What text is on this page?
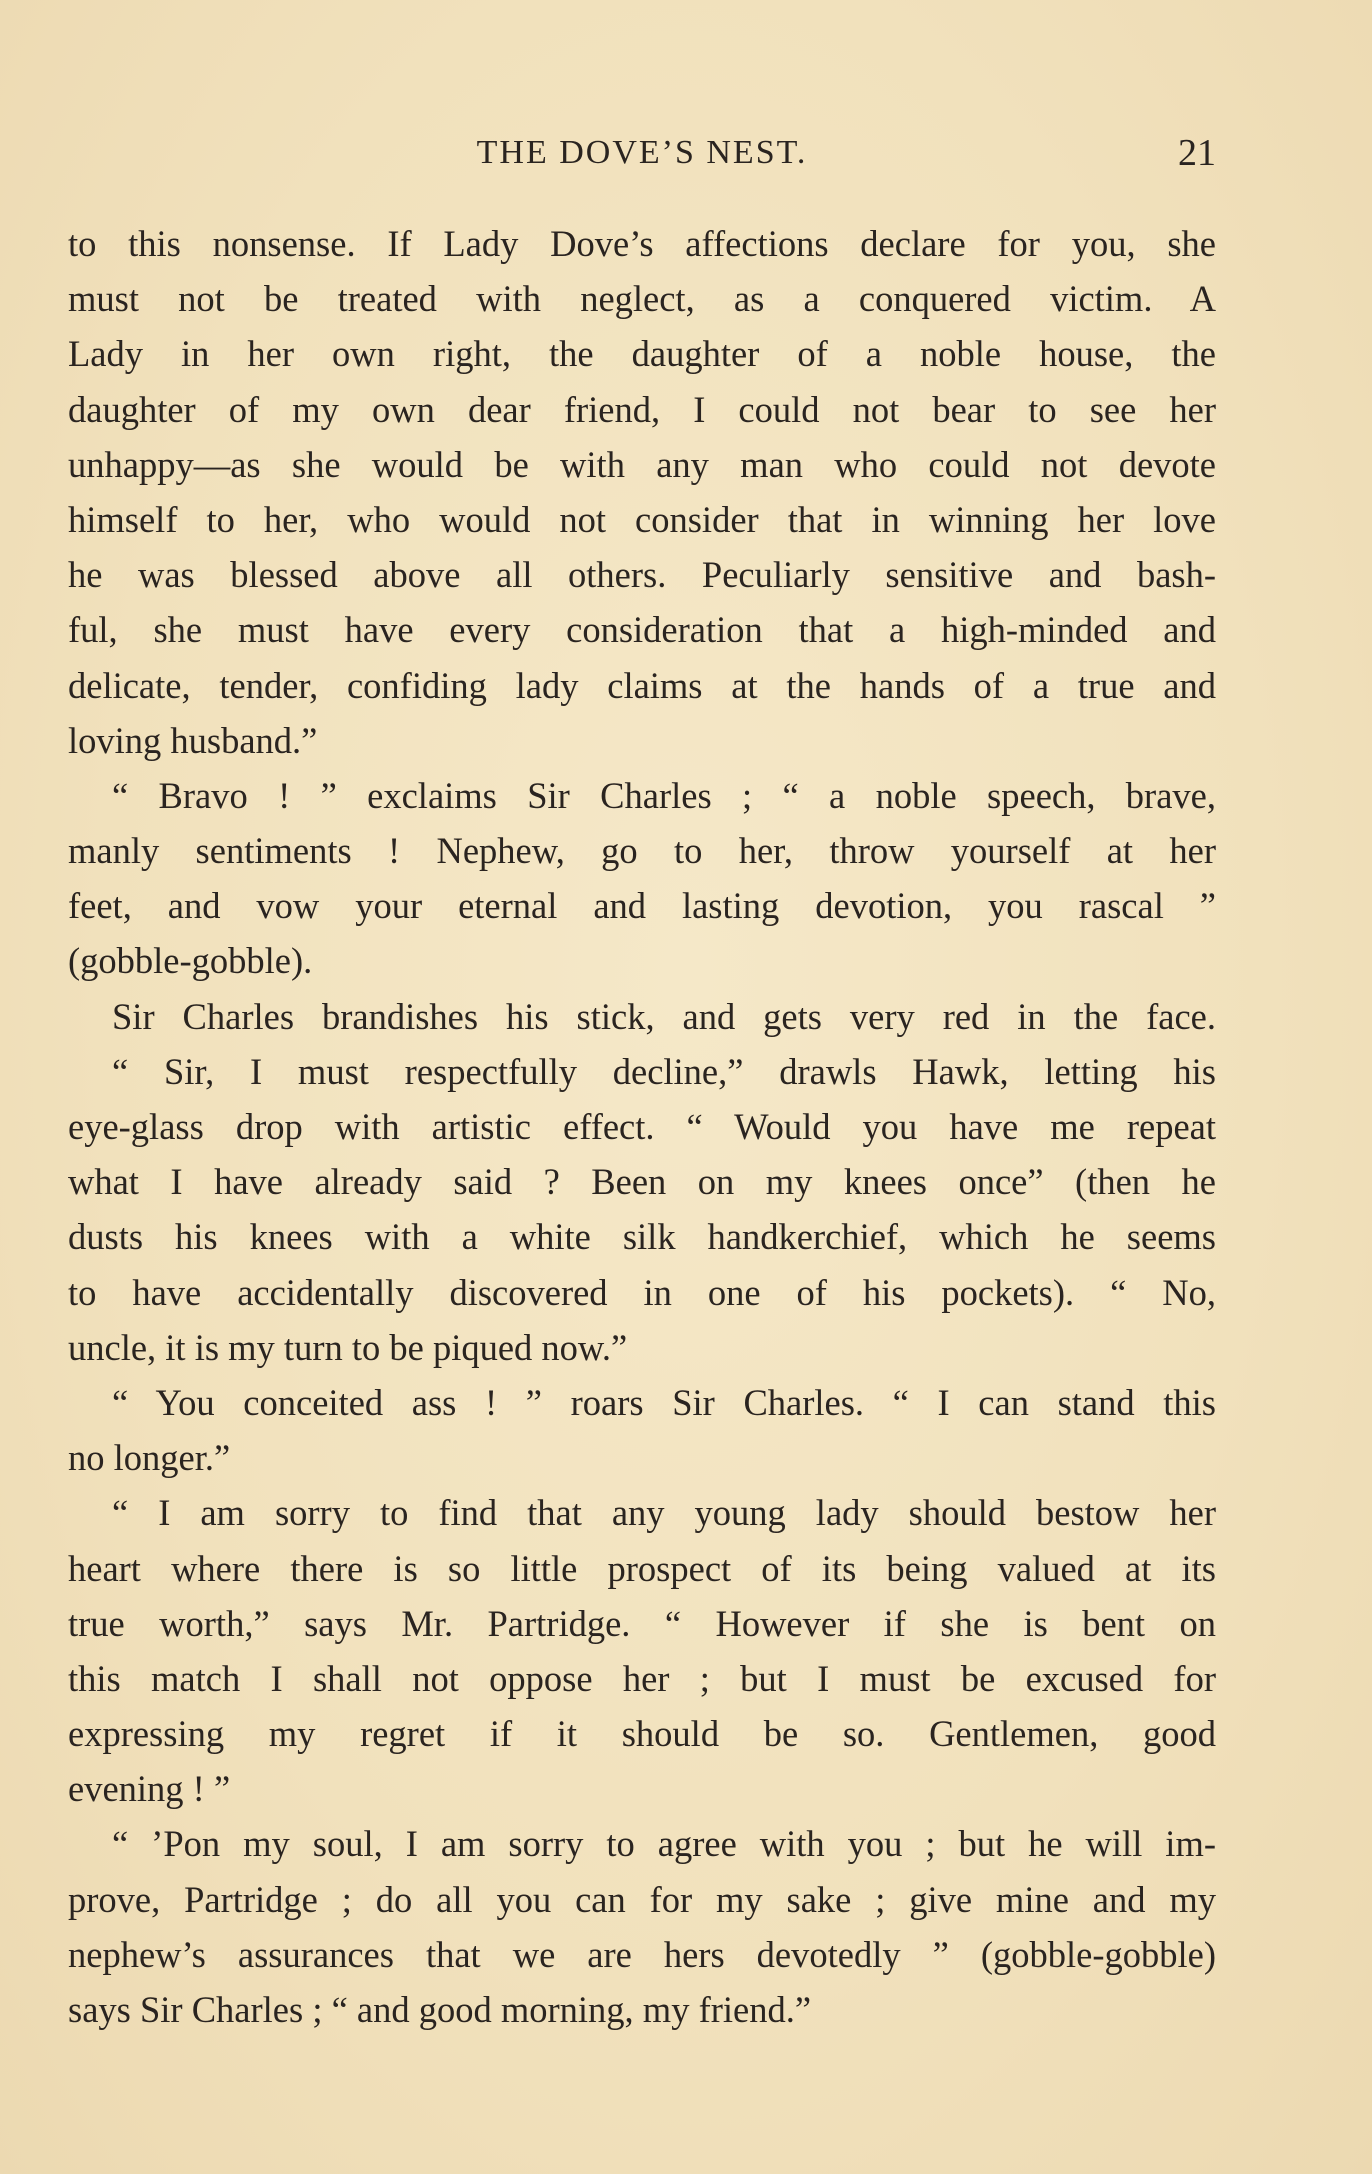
THE DOVE’S NEST.	21
to this nonsense. If Lady Dove’s affections declare for you, she
must not be treated with neglect, as a conquered victim. A
Lady in her own right, the daughter of a noble house, the
daughter of my own dear friend, I could not bear to see her
unhappy—as she would be with any man who could not devote
himself to her, who would not consider that in winning her love
he was blessed above all others. Peculiarly sensitive and bash-
ful, she must have every consideration that a high-minded and
delicate, tender, confiding lady claims at the hands of a true and
loving husband.”
“ Bravo ! ” exclaims Sir Charles ; “ a noble speech, brave,
manly sentiments ! Nephew, go to her, throw yourself at her
feet, and vow your eternal and lasting devotion, you rascal ”
(gobble-gobble).
Sir Charles brandishes his stick, and gets very red in the face.
“ Sir, I must respectfully decline,” drawls Hawk, letting his
eye-glass drop with artistic effect. “ Would you have me repeat
what I have already said ? Been on my knees once” (then he
dusts his knees with a white silk handkerchief, which he seems
to have accidentally discovered in one of his pockets). “ No,
uncle, it is my turn to be piqued now.”
“ You conceited ass ! ” roars Sir Charles. “ I can stand this
no longer.”
“ I am sorry to find that any young lady should bestow her
heart where there is so little prospect of its being valued at its
true worth,” says Mr. Partridge. “ However if she is bent on
this match I shall not oppose her ; but I must be excused for
expressing my regret if it should be so. Gentlemen, good
evening ! ”
“ ’Pon my soul, I am sorry to agree with you ; but he will im-
prove, Partridge ; do all you can for my sake ; give mine and my
nephew’s assurances that we are hers devotedly ” (gobble-gobble)
says Sir Charles ; “ and good morning, my friend.”
